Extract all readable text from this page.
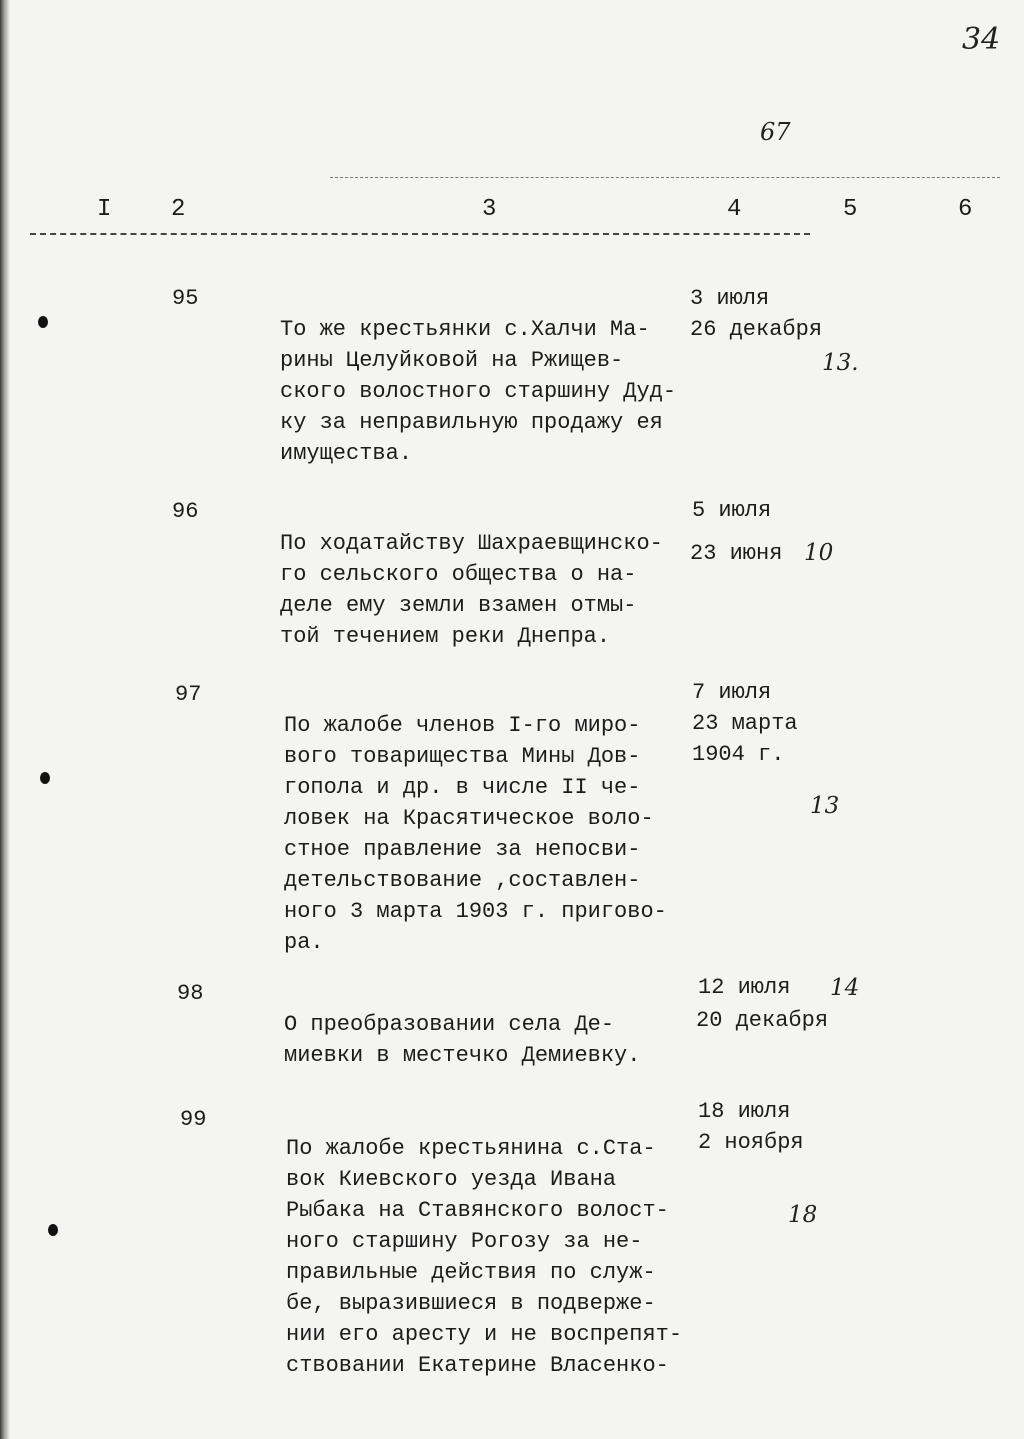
34
67
I 2	3	4	5	6
95

То же крестьянки с.Халчи Ма-
рины Целуйковой на Ржищев-
ского волостного старшину Дуд-
ку за неправильную продажу ея
имущества.
3 июля
26 декабря
13.
96

По ходатайству Шахраевщинско-
го сельского общества о на-
деле ему земли взамен отмы-
той течением реки Днепра.
5 июля
23 июня 10
97

По жалобе членов I-го миро-
вого товарищества Мины Дов-
гопола и др. в числе II че-
ловек на Красятическое воло-
стное правление за непосви-
детельствование ,составлен-
ного 3 марта 1903 г. пригово-
ра.
7 июля
23 марта
1904 г.
13
98

О преобразовании села Де-
миевки в местечко Демиевку.
12 июля
20 декабря
14
99

По жалобе крестьянина с.Ста-
вок Киевского уезда Ивана
Рыбака на Ставянского волост-
ного старшину Рогозу за не-
правильные действия по служ-
бе, выразившиеся в подверже-
нии его аресту и не воспрепят-
ствовании Екатерине Власенко-
18 июля
2 ноября
18
